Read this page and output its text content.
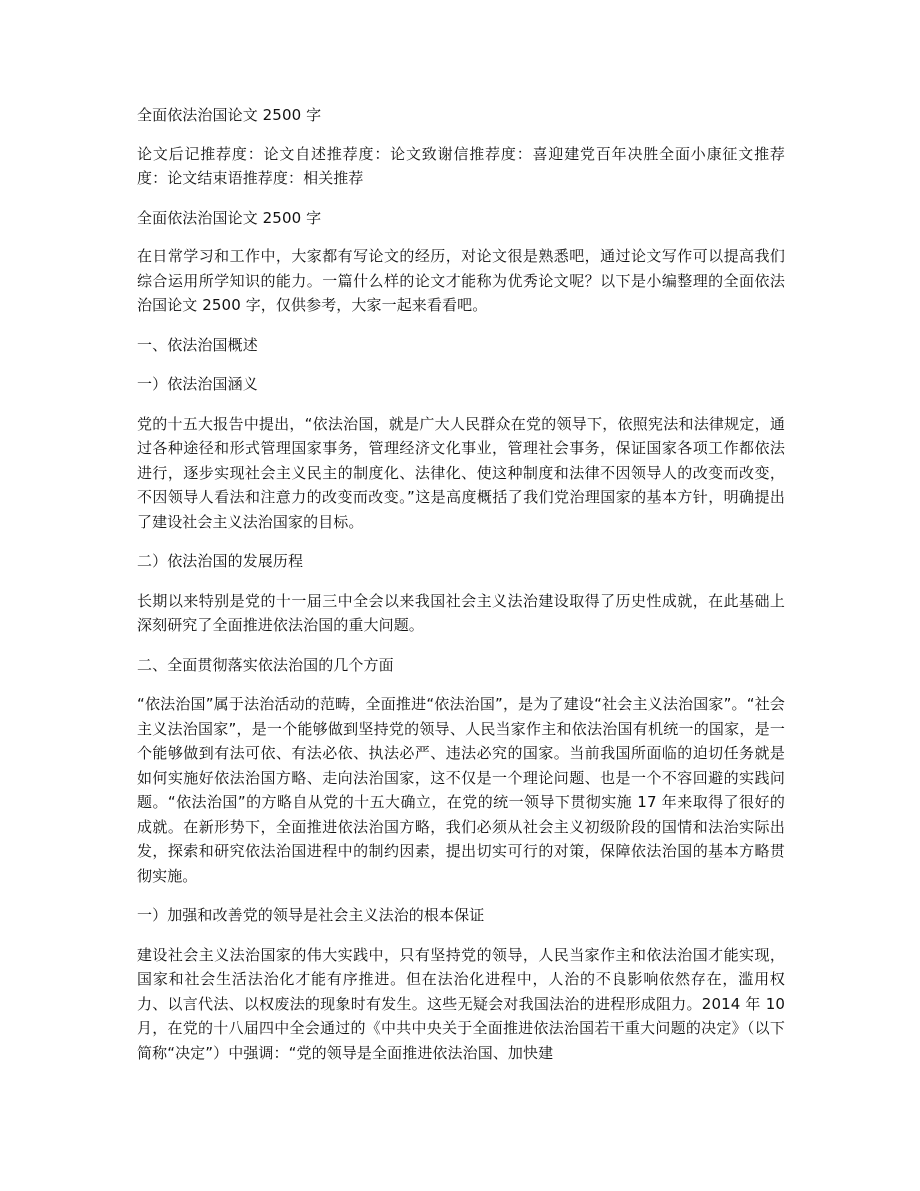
全面依法治国论文 2500 字

论文后记推荐度：论文自述推荐度：论文致谢信推荐度：喜迎建党百年决胜全面小康征文推荐度：论文结束语推荐度：相关推荐

全面依法治国论文 2500 字

在日常学习和工作中，大家都有写论文的经历，对论文很是熟悉吧，通过论文写作可以提高我们综合运用所学知识的能力。一篇什么样的论文才能称为优秀论文呢？以下是小编整理的全面依法治国论文 2500 字，仅供参考，大家一起来看看吧。

一、依法治国概述

一）依法治国涵义

党的十五大报告中提出，“依法治国，就是广大人民群众在党的领导下，依照宪法和法律规定，通过各种途径和形式管理国家事务，管理经济文化事业，管理社会事务，保证国家各项工作都依法进行，逐步实现社会主义民主的制度化、法律化、使这种制度和法律不因领导人的改变而改变，不因领导人看法和注意力的改变而改变。”这是高度概括了我们党治理国家的基本方针，明确提出了建设社会主义法治国家的目标。

二）依法治国的发展历程

长期以来特别是党的十一届三中全会以来我国社会主义法治建设取得了历史性成就，在此基础上深刻研究了全面推进依法治国的重大问题。

二、全面贯彻落实依法治国的几个方面

“依法治国”属于法治活动的范畴，全面推进“依法治国”，是为了建设“社会主义法治国家”。“社会主义法治国家”，是一个能够做到坚持党的领导、人民当家作主和依法治国有机统一的国家，是一个能够做到有法可依、有法必依、执法必严、违法必究的国家。当前我国所面临的迫切任务就是如何实施好依法治国方略、走向法治国家，这不仅是一个理论问题、也是一个不容回避的实践问题。“依法治国”的方略自从党的十五大确立，在党的统一领导下贯彻实施 17 年来取得了很好的成就。在新形势下，全面推进依法治国方略，我们必须从社会主义初级阶段的国情和法治实际出发，探索和研究依法治国进程中的制约因素，提出切实可行的对策，保障依法治国的基本方略贯彻实施。

一）加强和改善党的领导是社会主义法治的根本保证

建设社会主义法治国家的伟大实践中，只有坚持党的领导，人民当家作主和依法治国才能实现，国家和社会生活法治化才能有序推进。但在法治化进程中，人治的不良影响依然存在，滥用权力、以言代法、以权废法的现象时有发生。这些无疑会对我国法治的进程形成阻力。2014 年 10 月，在党的十八届四中全会通过的《中共中央关于全面推进依法治国若干重大问题的决定》（以下简称“决定”）中强调：“党的领导是全面推进依法治国、加快建
